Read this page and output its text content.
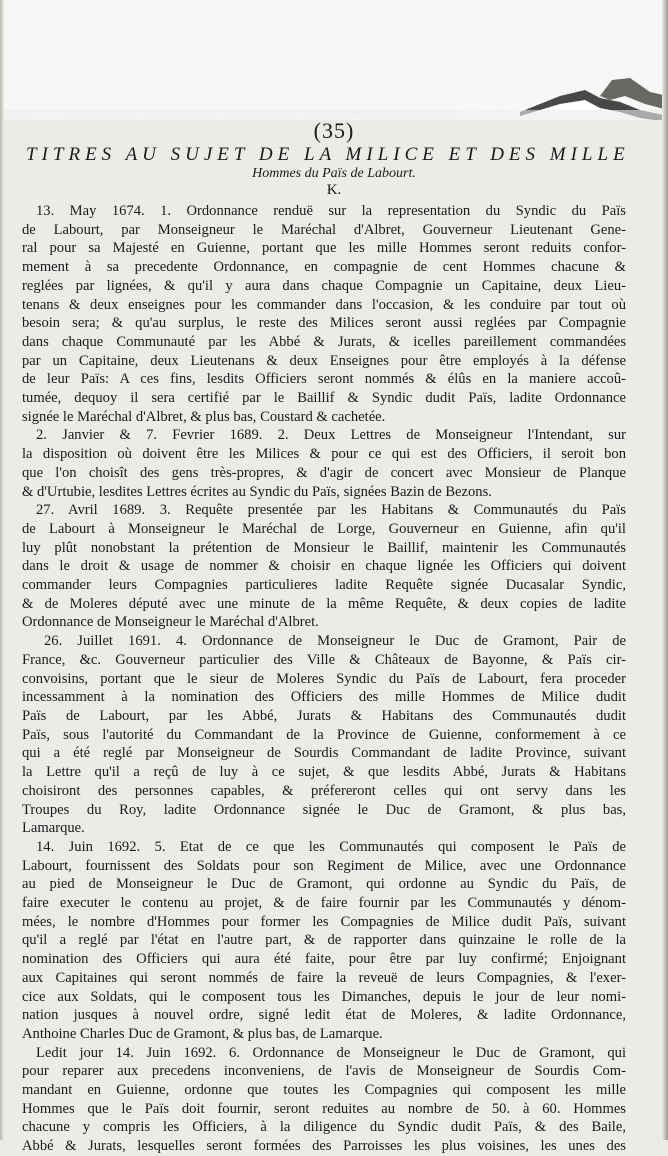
(35)
TITRES AU SUJET DE LA MILICE ET DES MILLE
Hommes du Païs de Labourt.
K.
13. May 1674. 1. Ordonnance renduë sur la representation du Syndic du Païs
de Labourt, par Monseigneur le Maréchal d'Albret, Gouverneur Lieutenant Gene-
ral pour sa Majesté en Guienne, portant que les mille Hommes seront reduits confor-
mement à sa precedente Ordonnance, en compagnie de cent Hommes chacune &
reglées par lignées, & qu'il y aura dans chaque Compagnie un Capitaine, deux Lieu-
tenans & deux enseignes pour les commander dans l'occasion, & les conduire par tout où
besoin sera; & qu'au surplus, le reste des Milices seront aussi reglées par Compagnie
dans chaque Communauté par les Abbé & Jurats, & icelles pareillement commandées
par un Capitaine, deux Lieutenans & deux Enseignes pour être employés à la défense
de leur Païs: A ces fins, lesdits Officiers seront nommés & élûs en la maniere accoû-
tumée, dequoy il sera certifié par le Baillif & Syndic dudit Païs, ladite Ordonnance
signée le Maréchal d'Albret, & plus bas, Coustard & cachetée.
2. Janvier & 7. Fevrier 1689. 2. Deux Lettres de Monseigneur l'Intendant, sur
la disposition où doivent être les Milices & pour ce qui est des Officiers, il seroit bon
que l'on choisît des gens très-propres, & d'agir de concert avec Monsieur de Planque
& d'Urtubie, lesdites Lettres écrites au Syndic du Païs, signées Bazin de Bezons.
27. Avril 1689. 3. Requête presentée par les Habitans & Communautés du Païs
de Labourt à Monseigneur le Maréchal de Lorge, Gouverneur en Guienne, afin qu'il
luy plût nonobstant la prétention de Monsieur le Baillif, maintenir les Communautés
dans le droit & usage de nommer & choisir en chaque lignée les Officiers qui doivent
commander leurs Compagnies particulieres ladite Requête signée Ducasalar Syndic,
& de Moleres député avec une minute de la même Requête, & deux copies de ladite
Ordonnance de Monseigneur le Maréchal d'Albret.
26. Juillet 1691. 4. Ordonnance de Monseigneur le Duc de Gramont, Pair de
France, &c. Gouverneur particulier des Ville & Châteaux de Bayonne, & Païs cir-
convoisins, portant que le sieur de Moleres Syndic du Païs de Labourt, fera proceder
incessamment à la nomination des Officiers des mille Hommes de Milice dudit
Païs de Labourt, par les Abbé, Jurats & Habitans des Communautés dudit
Païs, sous l'autorité du Commandant de la Province de Guienne, conformement à ce
qui a été reglé par Monseigneur de Sourdis Commandant de ladite Province, suivant
la Lettre qu'il a reçû de luy à ce sujet, & que lesdits Abbé, Jurats & Habitans
choisiront des personnes capables, & préfereront celles qui ont servy dans les
Troupes du Roy, ladite Ordonnance signée le Duc de Gramont, & plus bas,
Lamarque.
14. Juin 1692. 5. Etat de ce que les Communautés qui composent le Païs de
Labourt, fournissent des Soldats pour son Regiment de Milice, avec une Ordonnance
au pied de Monseigneur le Duc de Gramont, qui ordonne au Syndic du Païs, de
faire executer le contenu au projet, & de faire fournir par les Communautés y dénom-
mées, le nombre d'Hommes pour former les Compagnies de Milice dudit Païs, suivant
qu'il a reglé par l'état en l'autre part, & de rapporter dans quinzaine le rolle de la
nomination des Officiers qui aura été faite, pour être par luy confirmé; Enjoignant
aux Capitaines qui seront nommés de faire la reveuë de leurs Compagnies, & l'exer-
cice aux Soldats, qui le composent tous les Dimanches, depuis le jour de leur nomi-
nation jusques à nouvel ordre, signé ledit état de Moleres, & ladite Ordonnance,
Anthoine Charles Duc de Gramont, & plus bas, de Lamarque.
Ledit jour 14. Juin 1692. 6. Ordonnance de Monseigneur le Duc de Gramont, qui
pour reparer aux precedens inconveniens, de l'avis de Monseigneur de Sourdis Com-
mandant en Guienne, ordonne que toutes les Compagnies qui composent les mille
Hommes que le Païs doit fournir, seront reduites au nombre de 50. à 60. Hommes
chacune y compris les Officiers, à la diligence du Syndic dudit Païs, & des Baile,
Abbé & Jurats, lesquelles seront formées des Parroisses les plus voisines, les unes des
